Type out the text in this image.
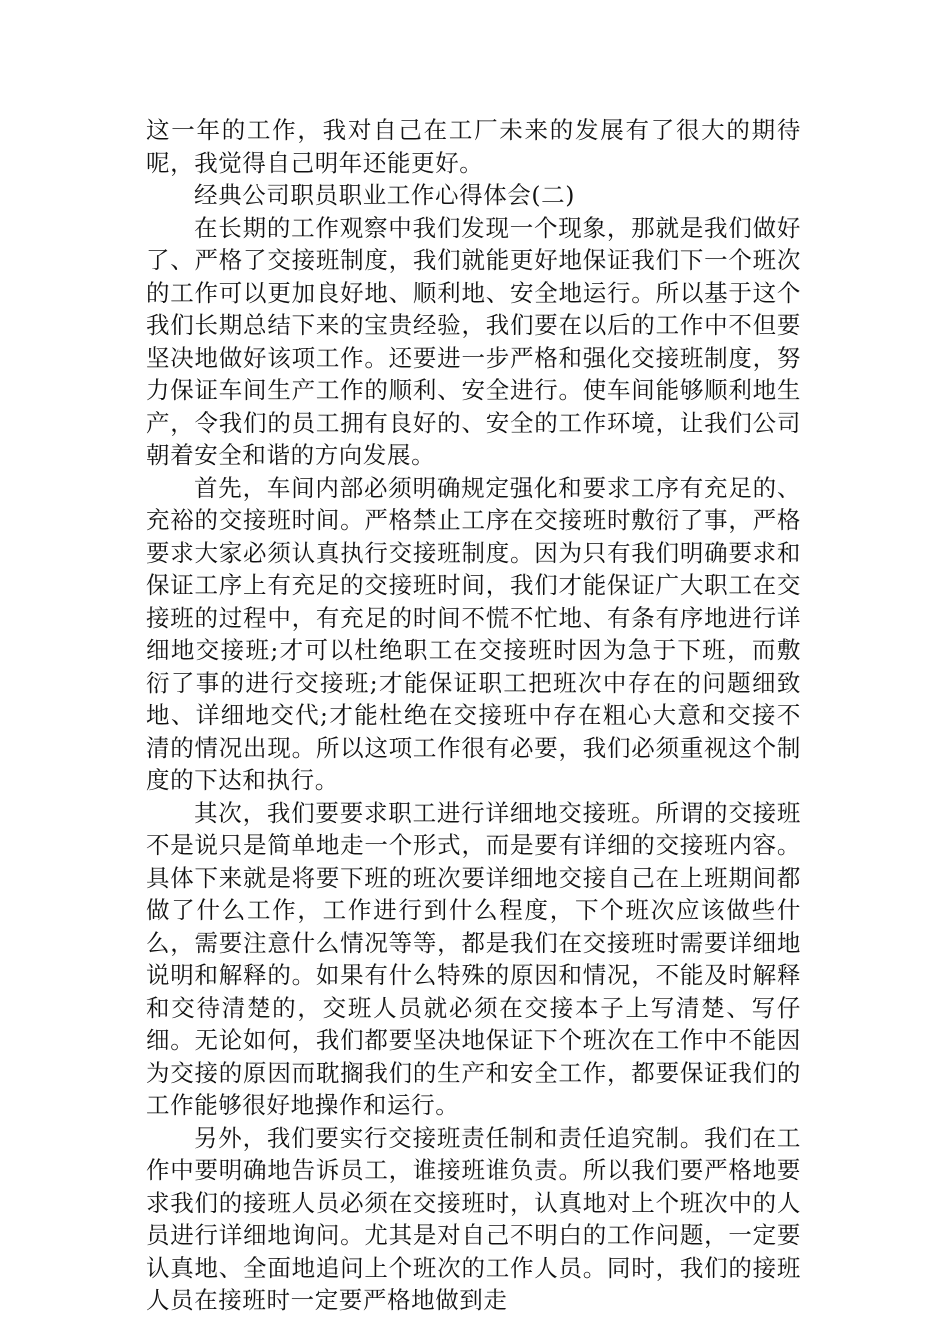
这一年的工作，我对自己在工厂未来的发展有了很大的期待呢，我觉得自己明年还能更好。

经典公司职员职业工作心得体会(二)

在长期的工作观察中我们发现一个现象，那就是我们做好了、严格了交接班制度，我们就能更好地保证我们下一个班次的工作可以更加良好地、顺利地、安全地运行。所以基于这个我们长期总结下来的宝贵经验，我们要在以后的工作中不但要坚决地做好该项工作。还要进一步严格和强化交接班制度，努力保证车间生产工作的顺利、安全进行。使车间能够顺利地生产，令我们的员工拥有良好的、安全的工作环境，让我们公司朝着安全和谐的方向发展。

首先，车间内部必须明确规定强化和要求工序有充足的、充裕的交接班时间。严格禁止工序在交接班时敷衍了事，严格要求大家必须认真执行交接班制度。因为只有我们明确要求和保证工序上有充足的交接班时间，我们才能保证广大职工在交接班的过程中，有充足的时间不慌不忙地、有条有序地进行详细地交接班;才可以杜绝职工在交接班时因为急于下班，而敷衍了事的进行交接班;才能保证职工把班次中存在的问题细致地、详细地交代;才能杜绝在交接班中存在粗心大意和交接不清的情况出现。所以这项工作很有必要，我们必须重视这个制度的下达和执行。

其次，我们要要求职工进行详细地交接班。所谓的交接班不是说只是简单地走一个形式，而是要有详细的交接班内容。具体下来就是将要下班的班次要详细地交接自己在上班期间都做了什么工作，工作进行到什么程度，下个班次应该做些什么，需要注意什么情况等等，都是我们在交接班时需要详细地说明和解释的。如果有什么特殊的原因和情况，不能及时解释和交待清楚的，交班人员就必须在交接本子上写清楚、写仔细。无论如何，我们都要坚决地保证下个班次在工作中不能因为交接的原因而耽搁我们的生产和安全工作，都要保证我们的工作能够很好地操作和运行。

另外，我们要实行交接班责任制和责任追究制。我们在工作中要明确地告诉员工，谁接班谁负责。所以我们要严格地要求我们的接班人员必须在交接班时，认真地对上个班次中的人员进行详细地询问。尤其是对自己不明白的工作问题，一定要认真地、全面地追问上个班次的工作人员。同时，我们的接班人员在接班时一定要严格地做到走
